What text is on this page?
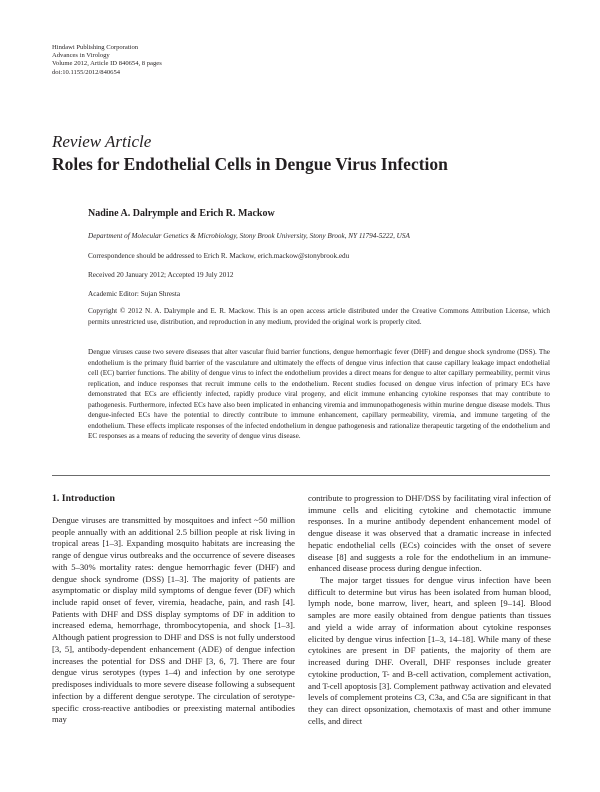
Hindawi Publishing Corporation
Advances in Virology
Volume 2012, Article ID 840654, 8 pages
doi:10.1155/2012/840654
Review Article
Roles for Endothelial Cells in Dengue Virus Infection
Nadine A. Dalrymple and Erich R. Mackow
Department of Molecular Genetics & Microbiology, Stony Brook University, Stony Brook, NY 11794-5222, USA
Correspondence should be addressed to Erich R. Mackow, erich.mackow@stonybrook.edu
Received 20 January 2012; Accepted 19 July 2012
Academic Editor: Sujan Shresta
Copyright © 2012 N. A. Dalrymple and E. R. Mackow. This is an open access article distributed under the Creative Commons Attribution License, which permits unrestricted use, distribution, and reproduction in any medium, provided the original work is properly cited.
Dengue viruses cause two severe diseases that alter vascular fluid barrier functions, dengue hemorrhagic fever (DHF) and dengue shock syndrome (DSS). The endothelium is the primary fluid barrier of the vasculature and ultimately the effects of dengue virus infection that cause capillary leakage impact endothelial cell (EC) barrier functions. The ability of dengue virus to infect the endothelium provides a direct means for dengue to alter capillary permeability, permit virus replication, and induce responses that recruit immune cells to the endothelium. Recent studies focused on dengue virus infection of primary ECs have demonstrated that ECs are efficiently infected, rapidly produce viral progeny, and elicit immune enhancing cytokine responses that may contribute to pathogenesis. Furthermore, infected ECs have also been implicated in enhancing viremia and immunopathogenesis within murine dengue disease models. Thus dengue-infected ECs have the potential to directly contribute to immune enhancement, capillary permeability, viremia, and immune targeting of the endothelium. These effects implicate responses of the infected endothelium in dengue pathogenesis and rationalize therapeutic targeting of the endothelium and EC responses as a means of reducing the severity of dengue virus disease.
1. Introduction

Dengue viruses are transmitted by mosquitoes and infect ~50 million people annually with an additional 2.5 billion people at risk living in tropical areas [1–3]. Expanding mosquito habitats are increasing the range of dengue virus outbreaks and the occurrence of severe diseases with 5–30% mortality rates: dengue hemorrhagic fever (DHF) and dengue shock syndrome (DSS) [1–3]. The majority of patients are asymptomatic or display mild symptoms of dengue fever (DF) which include rapid onset of fever, viremia, headache, pain, and rash [4]. Patients with DHF and DSS display symptoms of DF in addition to increased edema, hemorrhage, thrombocytopenia, and shock [1–3]. Although patient progression to DHF and DSS is not fully understood [3, 5], antibody-dependent enhancement (ADE) of dengue infection increases the potential for DSS and DHF [3, 6, 7]. There are four dengue virus serotypes (types 1–4) and infection by one serotype predisposes individuals to more severe disease following a subsequent infection by a different dengue serotype. The circulation of serotype-specific cross-reactive antibodies or preexisting maternal antibodies may

contribute to progression to DHF/DSS by facilitating viral infection of immune cells and eliciting cytokine and chemotactic immune responses. In a murine antibody dependent enhancement model of dengue disease it was observed that a dramatic increase in infected hepatic endothelial cells (ECs) coincides with the onset of severe disease [8] and suggests a role for the endothelium in an immune-enhanced disease process during dengue infection.

The major target tissues for dengue virus infection have been difficult to determine but virus has been isolated from human blood, lymph node, bone marrow, liver, heart, and spleen [9–14]. Blood samples are more easily obtained from dengue patients than tissues and yield a wide array of information about cytokine responses elicited by dengue virus infection [1–3, 14–18]. While many of these cytokines are present in DF patients, the majority of them are increased during DHF. Overall, DHF responses include greater cytokine production, T- and B-cell activation, complement activation, and T-cell apoptosis [3]. Complement pathway activation and elevated levels of complement proteins C3, C3a, and C5a are significant in that they can direct opsonization, chemotaxis of mast and other immune cells, and direct
